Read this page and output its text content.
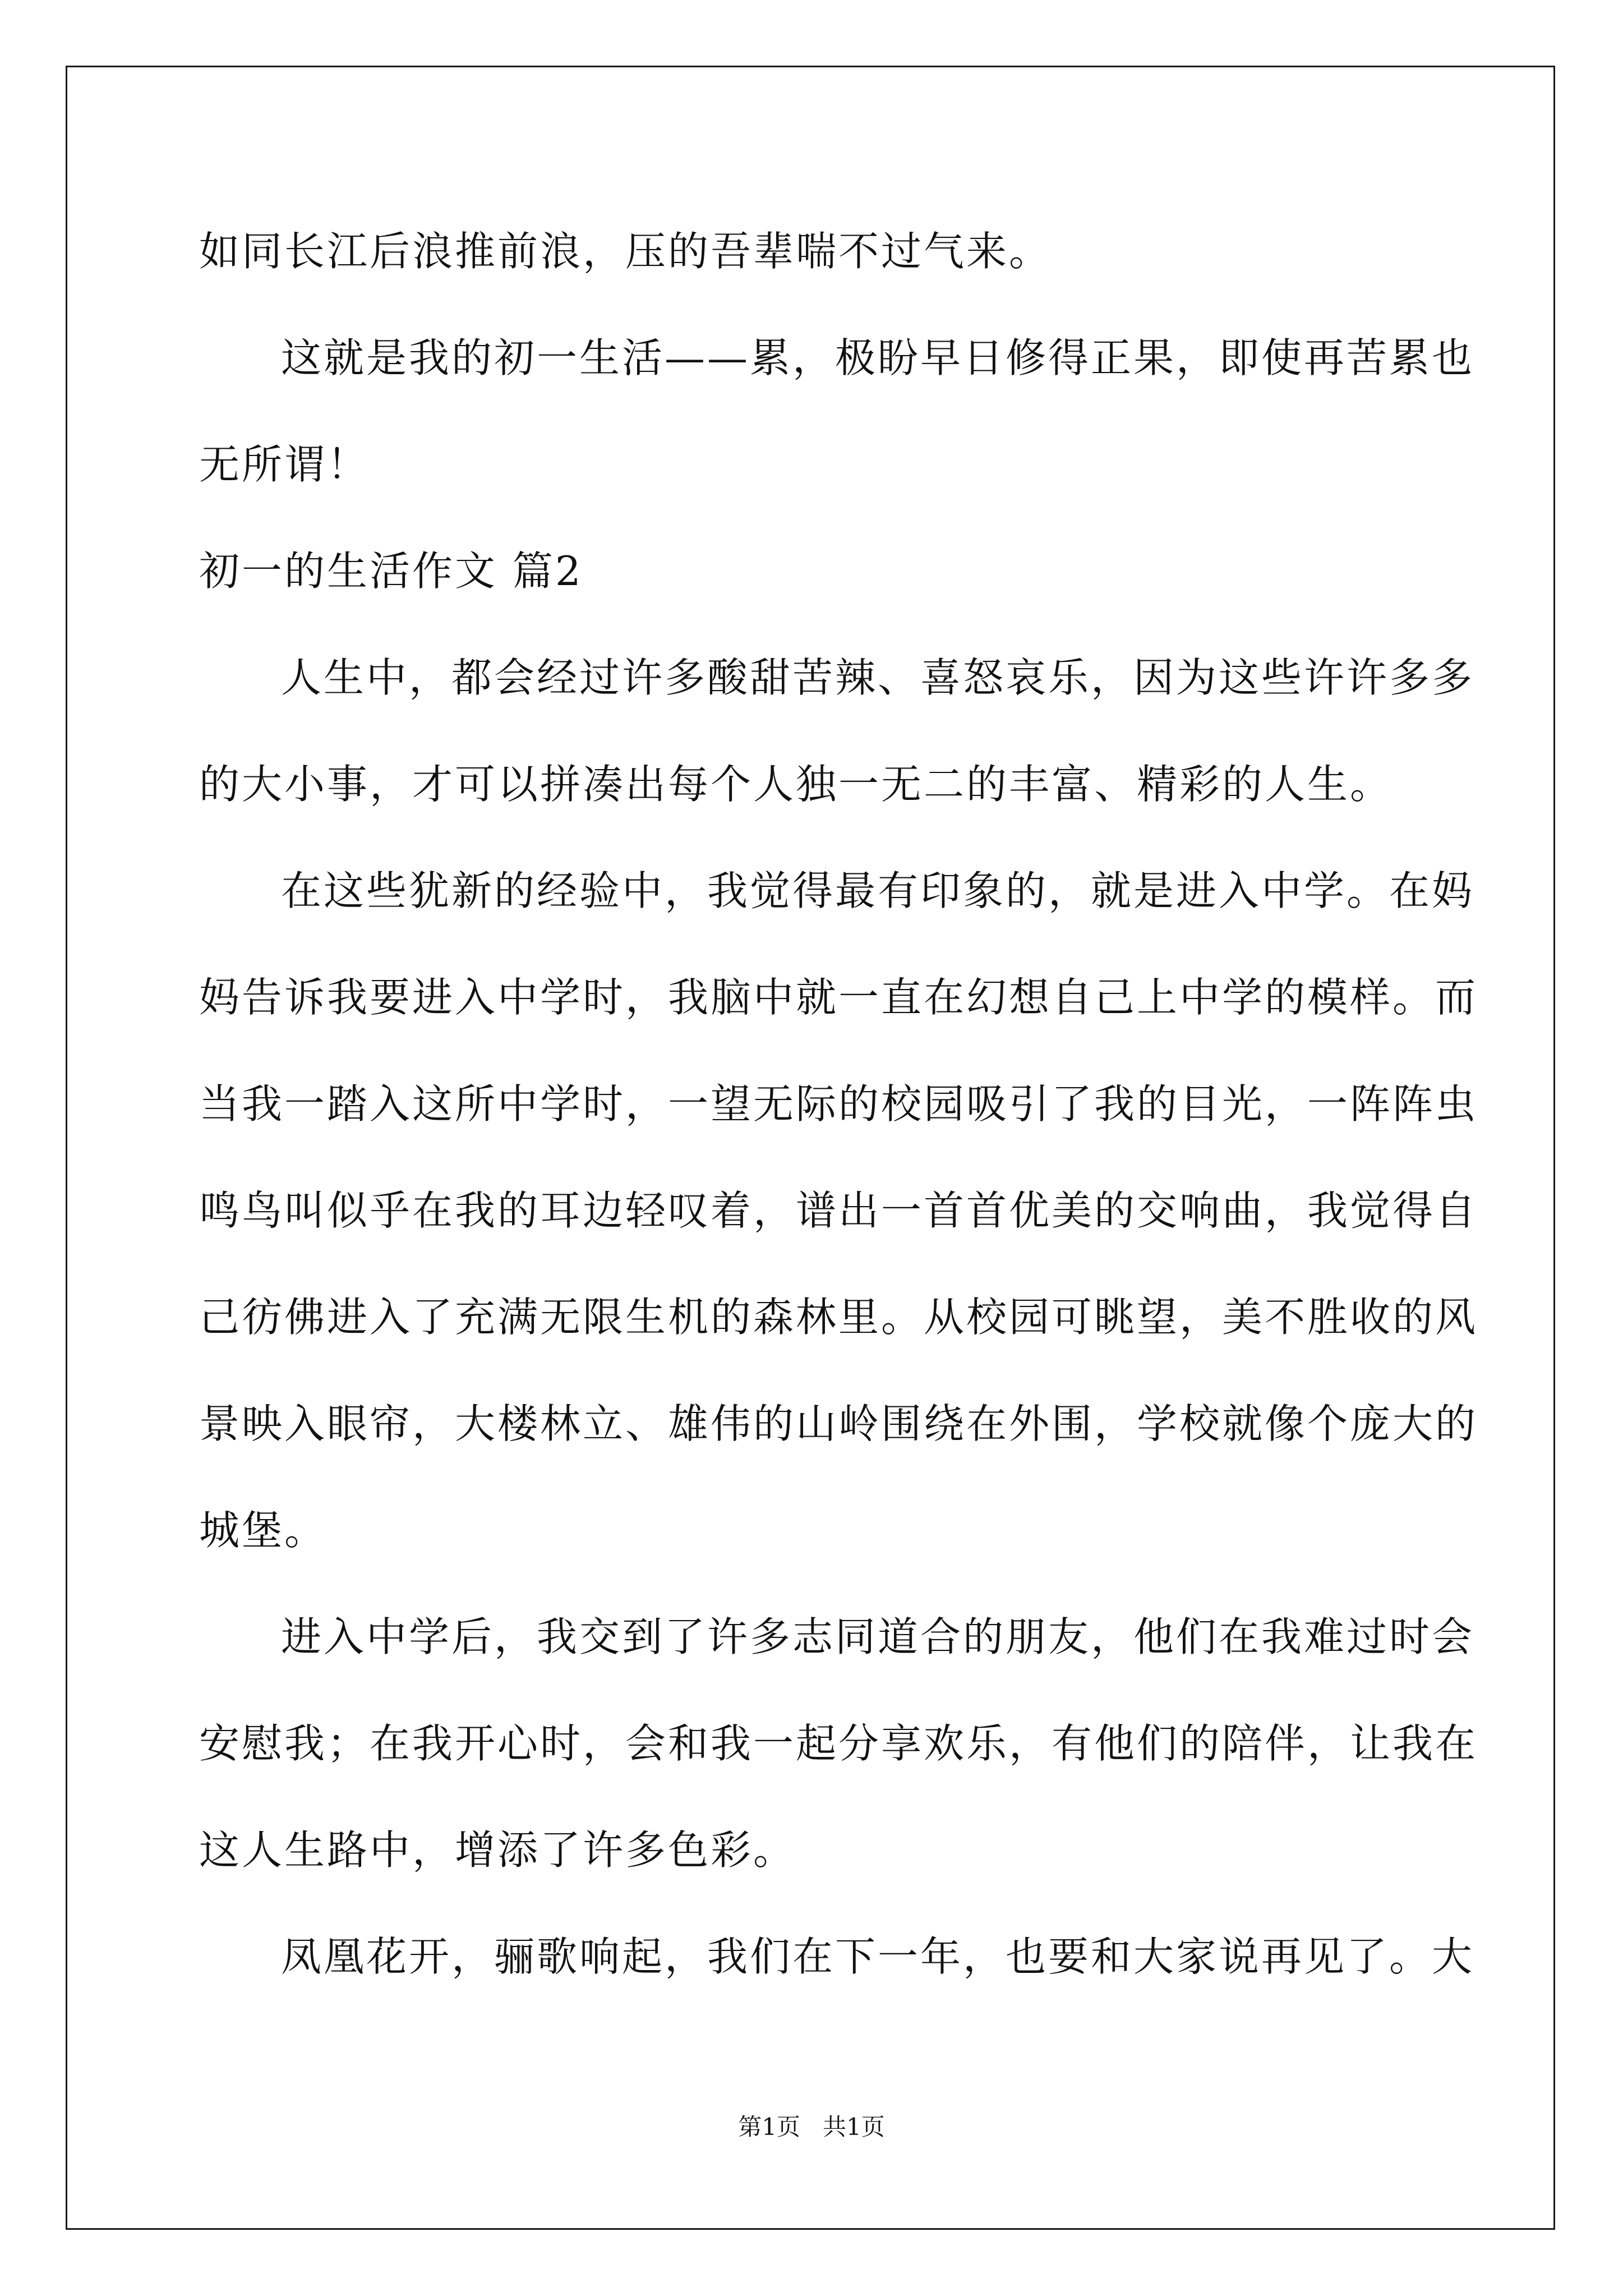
如同长江后浪推前浪，压的吾辈喘不过气来。
这就是我的初一生活——累，极盼早日修得正果，即使再苦累也
无所谓！
初一的生活作文 篇2
人生中，都会经过许多酸甜苦辣、喜怒哀乐，因为这些许许多多
的大小事，才可以拼凑出每个人独一无二的丰富、精彩的人生。
在这些犹新的经验中，我觉得最有印象的，就是进入中学。在妈
妈告诉我要进入中学时，我脑中就一直在幻想自己上中学的模样。而
当我一踏入这所中学时，一望无际的校园吸引了我的目光，一阵阵虫
鸣鸟叫似乎在我的耳边轻叹着，谱出一首首优美的交响曲，我觉得自
己彷佛进入了充满无限生机的森林里。从校园可眺望，美不胜收的风
景映入眼帘，大楼林立、雄伟的山岭围绕在外围，学校就像个庞大的
城堡。
进入中学后，我交到了许多志同道合的朋友，他们在我难过时会
安慰我；在我开心时，会和我一起分享欢乐，有他们的陪伴，让我在
这人生路中，增添了许多色彩。
凤凰花开，骊歌响起，我们在下一年，也要和大家说再见了。大
第1页   共1页
